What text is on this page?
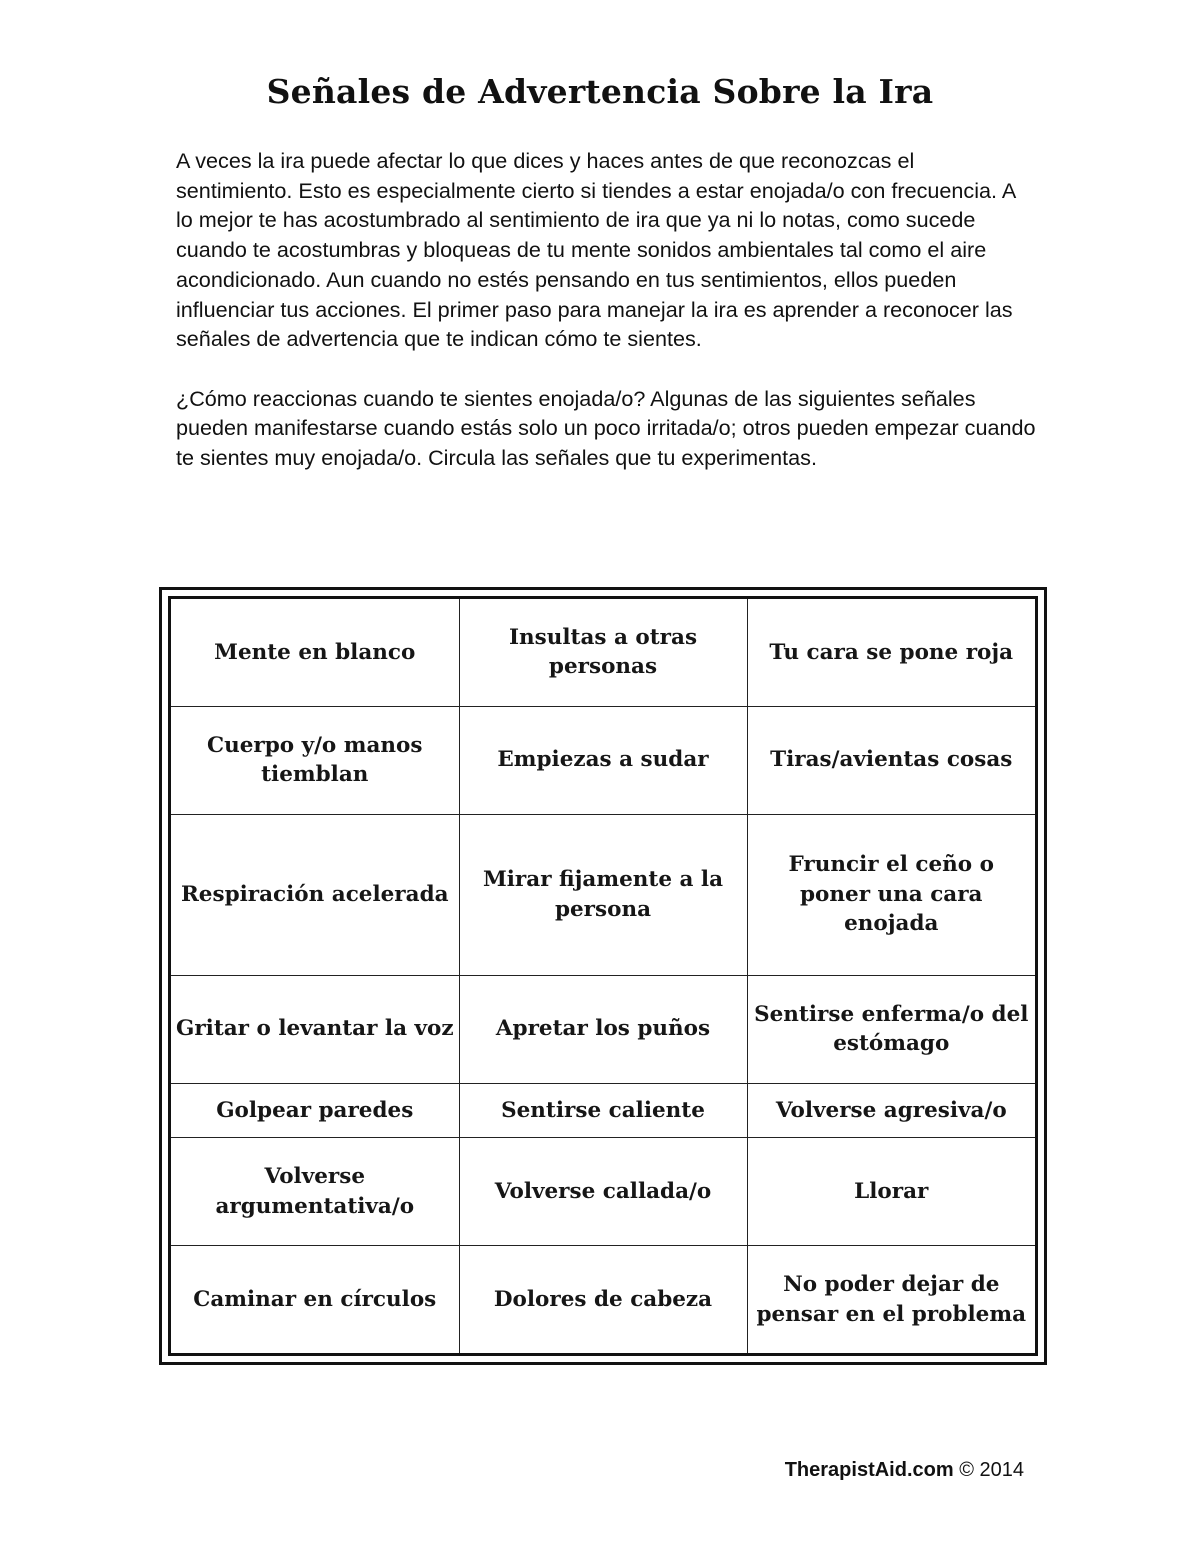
Señales de Advertencia Sobre la Ira

A veces la ira puede afectar lo que dices y haces antes de que reconozcas el sentimiento. Esto es especialmente cierto si tiendes a estar enojada/o con frecuencia. A lo mejor te has acostumbrado al sentimiento de ira que ya ni lo notas, como sucede cuando te acostumbras y bloqueas de tu mente sonidos ambientales tal como el aire acondicionado. Aun cuando no estés pensando en tus sentimientos, ellos pueden influenciar tus acciones. El primer paso para manejar la ira es aprender a reconocer las señales de advertencia que te indican cómo te sientes.

¿Cómo reaccionas cuando te sientes enojada/o? Algunas de las siguientes señales pueden manifestarse cuando estás solo un poco irritada/o; otros pueden empezar cuando te sientes muy enojada/o. Circula las señales que tu experimentas.

Mente en blanco	Insultas a otras personas	Tu cara se pone roja
Cuerpo y/o manos tiemblan	Empiezas a sudar	Tiras/avientas cosas
Respiración acelerada	Mirar fijamente a la persona	Fruncir el ceño o poner una cara enojada
Gritar o levantar la voz	Apretar los puños	Sentirse enferma/o del estómago
Golpear paredes	Sentirse caliente	Volverse agresiva/o
Volverse argumentativa/o	Volverse callada/o	Llorar
Caminar en círculos	Dolores de cabeza	No poder dejar de pensar en el problema
TherapistAid.com © 2014
